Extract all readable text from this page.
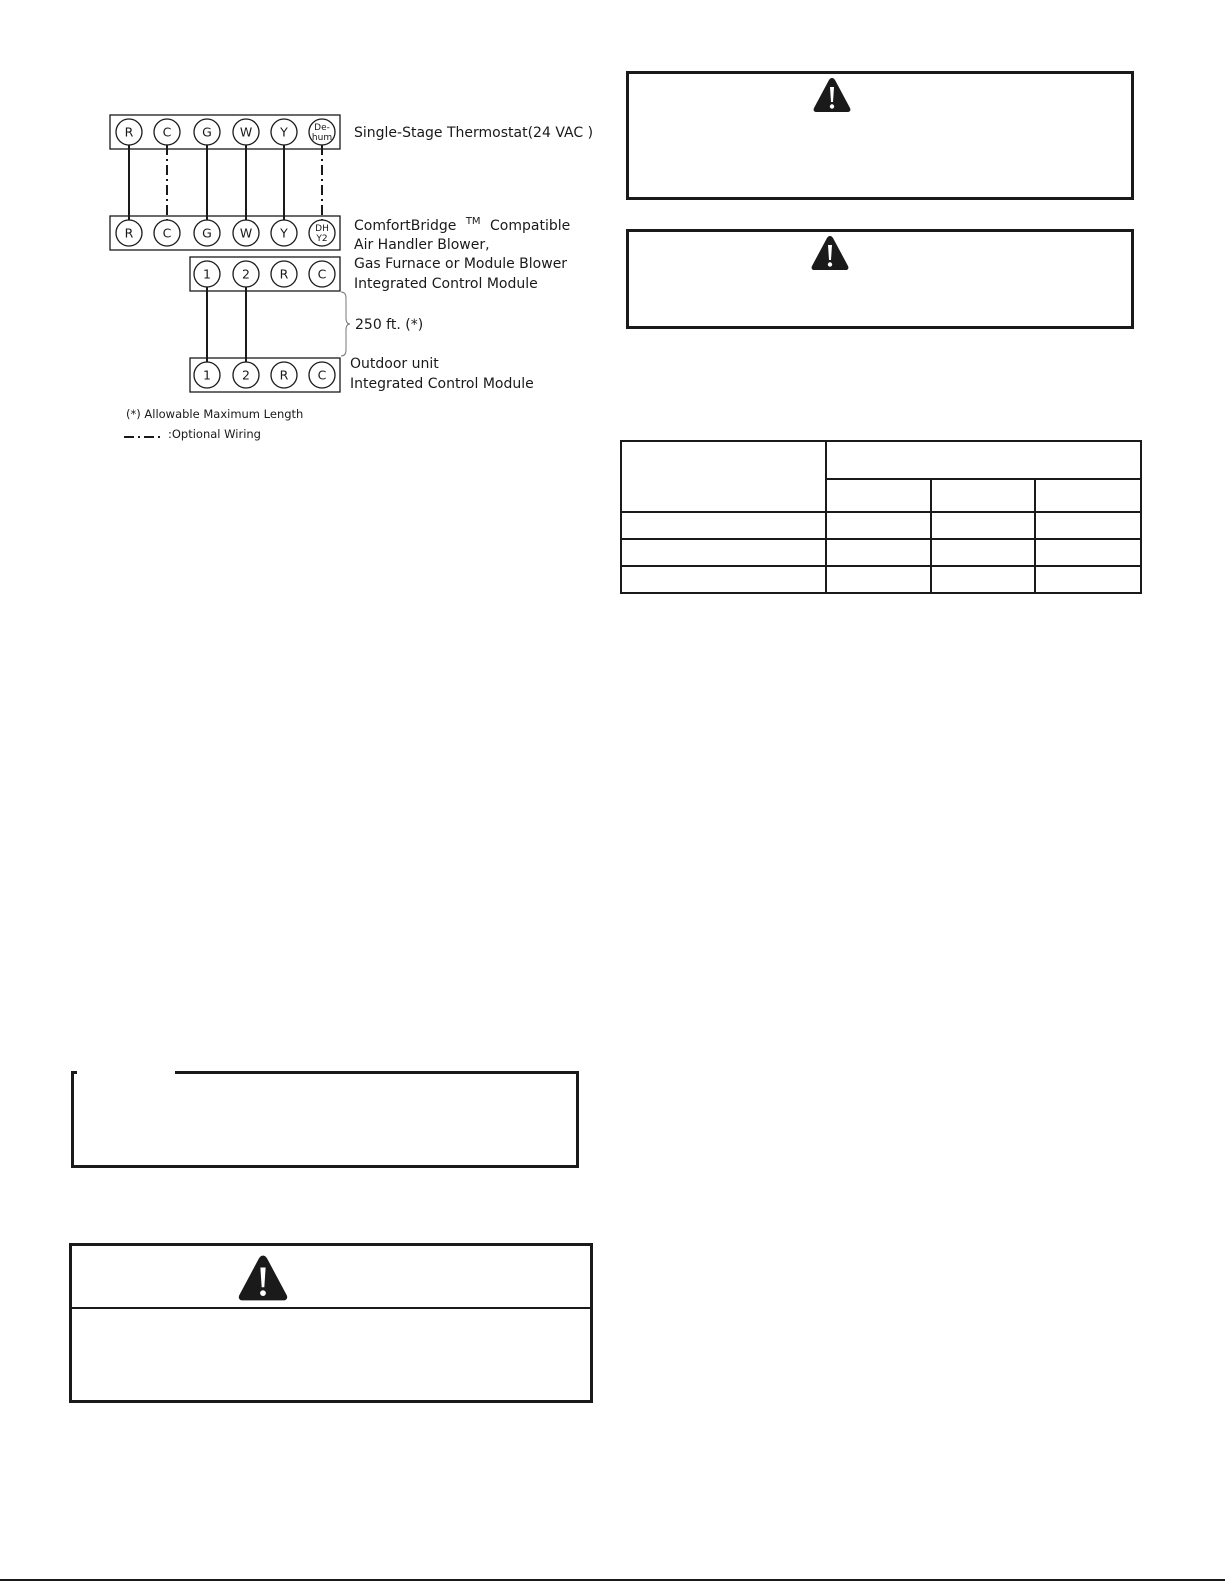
R C G W Y	De-
hum Single-Stage Thermostat(24 VAC )
R C G W Y	DH
Y2
1 2 R C
ComfortBridge ™ Compatible
Air Handler Blower,
Gas Furnace or Module Blower
Integrated Control Module
250 ft. (*)
1 2 R C
Outdoor unit
Integrated Control Module
(*) Allowable Maximum Length
:Optional Wiring
